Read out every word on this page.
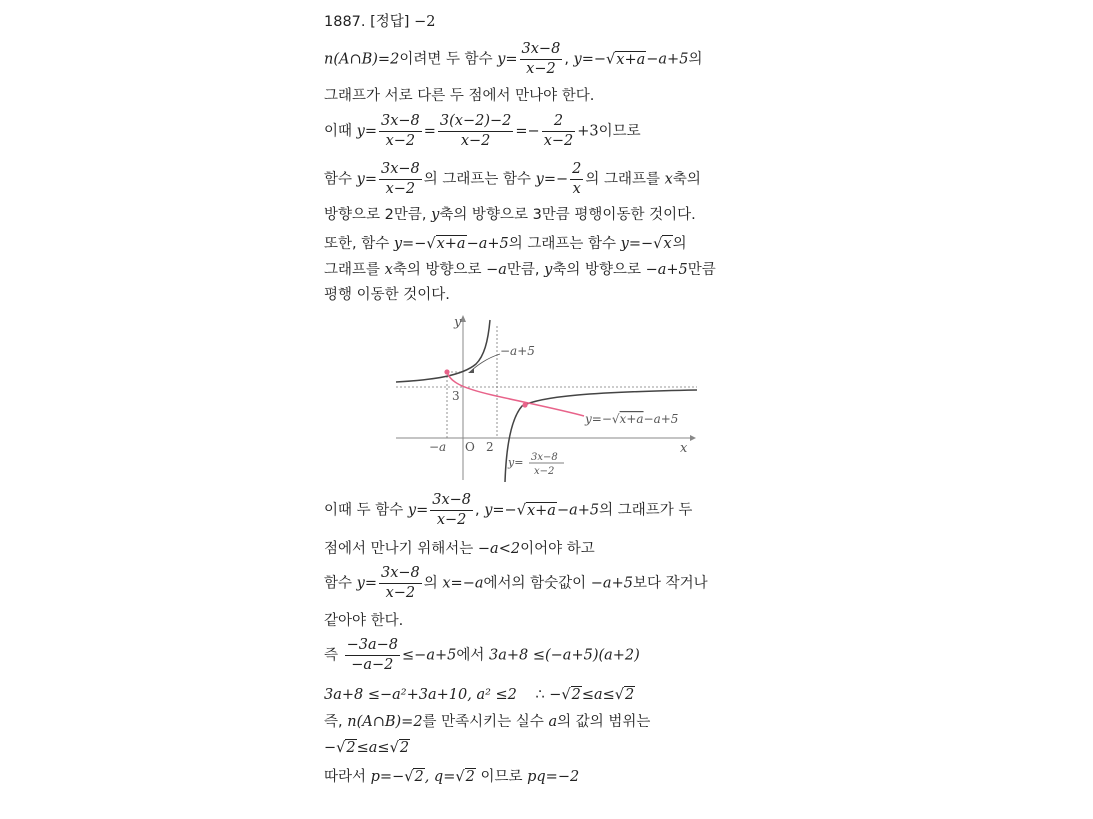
1887. [정답] −2
n(A∩B)=2이려면 두 함수 $y= \frac{3x-8}{x-2}$ , y=−√x+a−a+5의
그래프가 서로 다른 두 점에서 만나야 한다.
이때 $y= \frac{3x-8}{x-2} = \frac{3(x-2)-2}{x-2} =- \frac{2}{x-2} +3$이므로
함수 $y= \frac{3x-8}{x-2}$ 의 그래프는 함수 $y=- \frac{2}{x}$ 의 그래프를 x축의
방향으로 2만큼, y축의 방향으로 3만큼 평행이동한 것이다.
또한, 함수 y=−√x+a−a+5의 그래프는 함수 y=−√x의
그래프를 x축의 방향으로 −a만큼, y축의 방향으로 −a+5만큼
평행 이동한 것이다.
y
x
O
−a	2
3
−a+5
y=−√x+a−a+5
y= 3x−8
x−2
이때 두 함수 $y= \frac{3x-8}{x-2}$ , y=−√x+a−a+5의 그래프가 두
점에서 만나기 위해서는 −a<2이어야 하고
함수 $y= \frac{3x-8}{x-2}$ 의 x=−a에서의 함숫값이 −a+5보다 작거나
같아야 한다.
즉 $\frac{-3a-8}{-a-2} \le-a+5$에서 3a+8 ≤(−a+5)(a+2)
3a+8 ≤−a²+3a+10, a² ≤2 ∴ −√2≤a≤√2
즉, n(A∩B)=2를 만족시키는 실수 a의 값의 범위는
−√2≤a≤√2
따라서 p=−√2, q=√2 이므로 pq=−2
